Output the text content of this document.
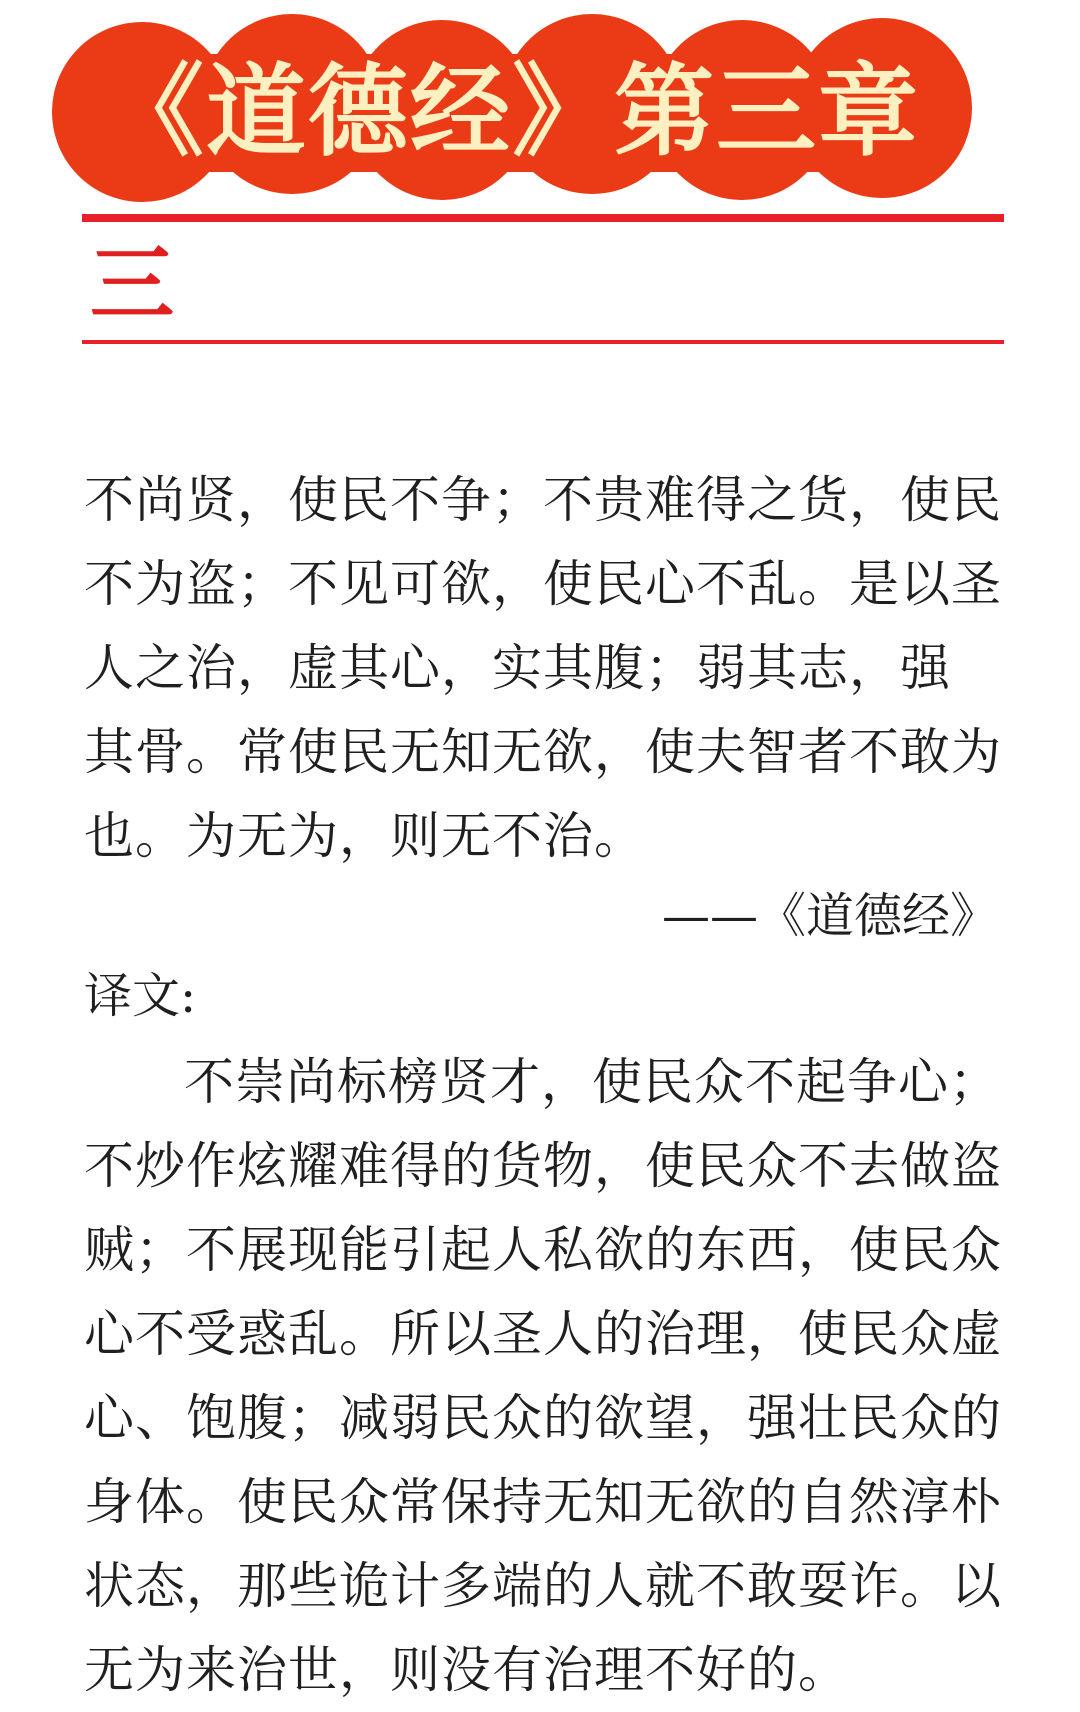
《道德经》第三章
三
不尚贤，使民不争；不贵难得之货，使民
不为盗；不见可欲，使民心不乱。是以圣
人之治，虚其心，实其腹；弱其志，强
其骨。常使民无知无欲，使夫智者不敢为
也。为无为，则无不治。
——《道德经》
译文:
不崇尚标榜贤才，使民众不起争心；
不炒作炫耀难得的货物，使民众不去做盗
贼；不展现能引起人私欲的东西，使民众
心不受惑乱。所以圣人的治理，使民众虚
心、饱腹；减弱民众的欲望，强壮民众的
身体。使民众常保持无知无欲的自然淳朴
状态，那些诡计多端的人就不敢耍诈。以
无为来治世，则没有治理不好的。
